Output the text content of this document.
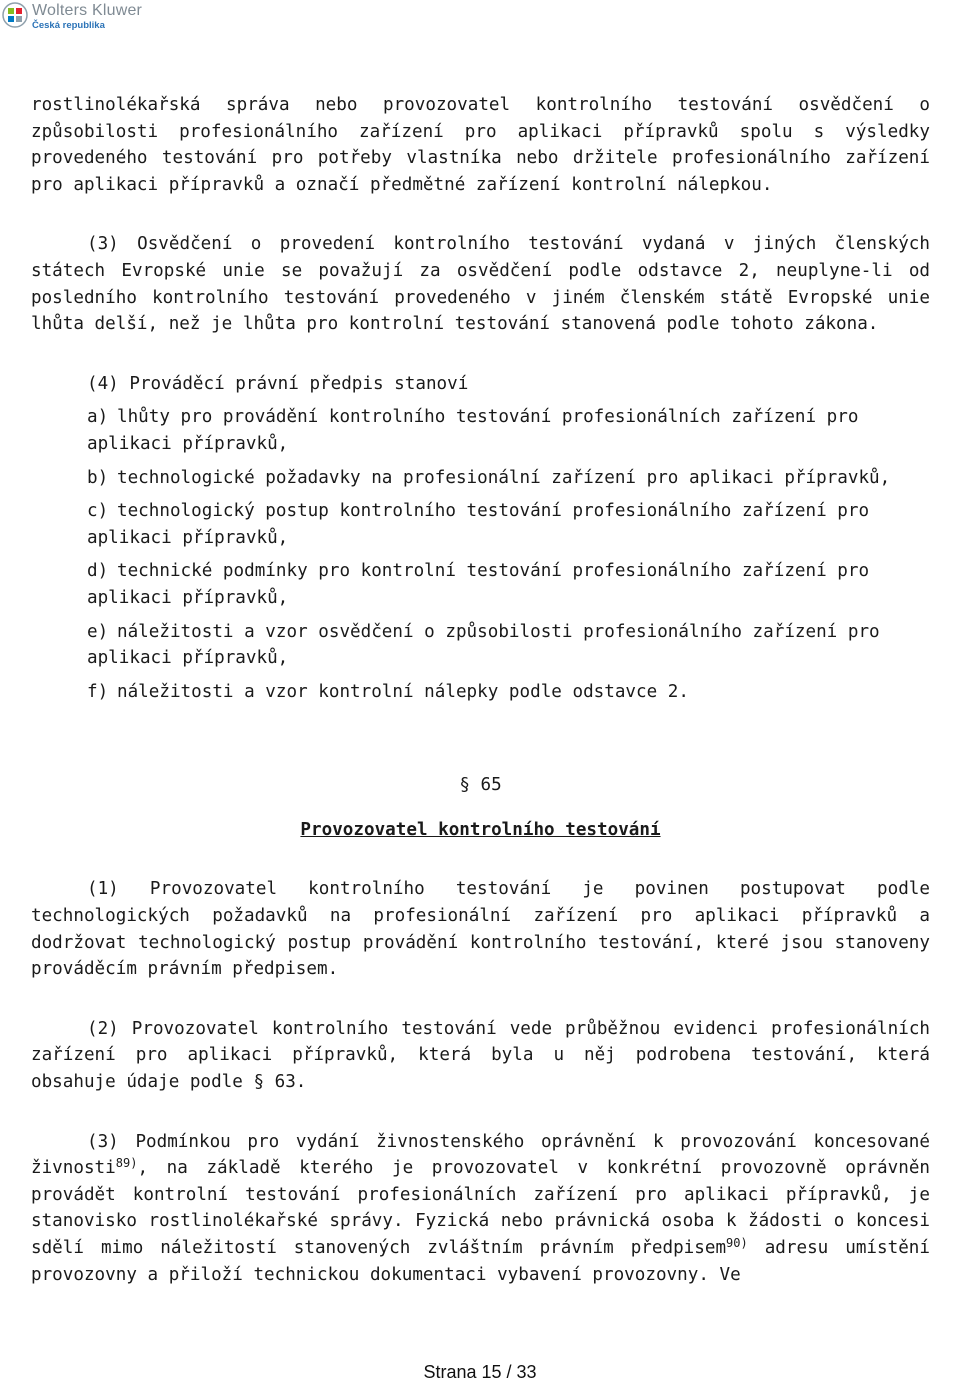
Wolters Kluwer
Česká republika

rostlinolékařská správa nebo provozovatel kontrolního testování osvědčení o způsobilosti profesionálního zařízení pro aplikaci přípravků spolu s výsledky provedeného testování pro potřeby vlastníka nebo držitele profesionálního zařízení pro aplikaci přípravků a označí předmětné zařízení kontrolní nálepkou.

(3) Osvědčení o provedení kontrolního testování vydaná v jiných členských státech Evropské unie se považují za osvědčení podle odstavce 2, neuplyne-li od posledního kontrolního testování provedeného v jiném členském státě Evropské unie lhůta delší, než je lhůta pro kontrolní testování stanovená podle tohoto zákona.

(4) Prováděcí právní předpis stanoví

a) lhůty pro provádění kontrolního testování profesionálních zařízení pro
aplikaci přípravků,
b) technologické požadavky na profesionální zařízení pro aplikaci přípravků,
c) technologický postup kontrolního testování profesionálního zařízení pro
aplikaci přípravků,
d) technické podmínky pro kontrolní testování profesionálního zařízení pro
aplikaci přípravků,
e) náležitosti a vzor osvědčení o způsobilosti profesionálního zařízení pro
aplikaci přípravků,
f) náležitosti a vzor kontrolní nálepky podle odstavce 2.

§ 65

Provozovatel kontrolního testování

(1) Provozovatel kontrolního testování je povinen postupovat podle technologických požadavků na profesionální zařízení pro aplikaci přípravků a dodržovat technologický postup provádění kontrolního testování, které jsou stanoveny prováděcím právním předpisem.

(2) Provozovatel kontrolního testování vede průběžnou evidenci profesionálních zařízení pro aplikaci přípravků, která byla u něj podrobena testování, která obsahuje údaje podle § 63.

(3) Podmínkou pro vydání živnostenského oprávnění k provozování koncesované živnosti$^{89)}$, na základě kterého je provozovatel v konkrétní provozovně oprávněn provádět kontrolní testování profesionálních zařízení pro aplikaci přípravků, je stanovisko rostlinolékařské správy. Fyzická nebo právnická osoba k žádosti o koncesi sdělí mimo náležitostí stanovených zvláštním právním předpisem$^{90)}$ adresu umístění provozovny a přiloží technickou dokumentaci vybavení provozovny. Ve

Strana 15 / 33
